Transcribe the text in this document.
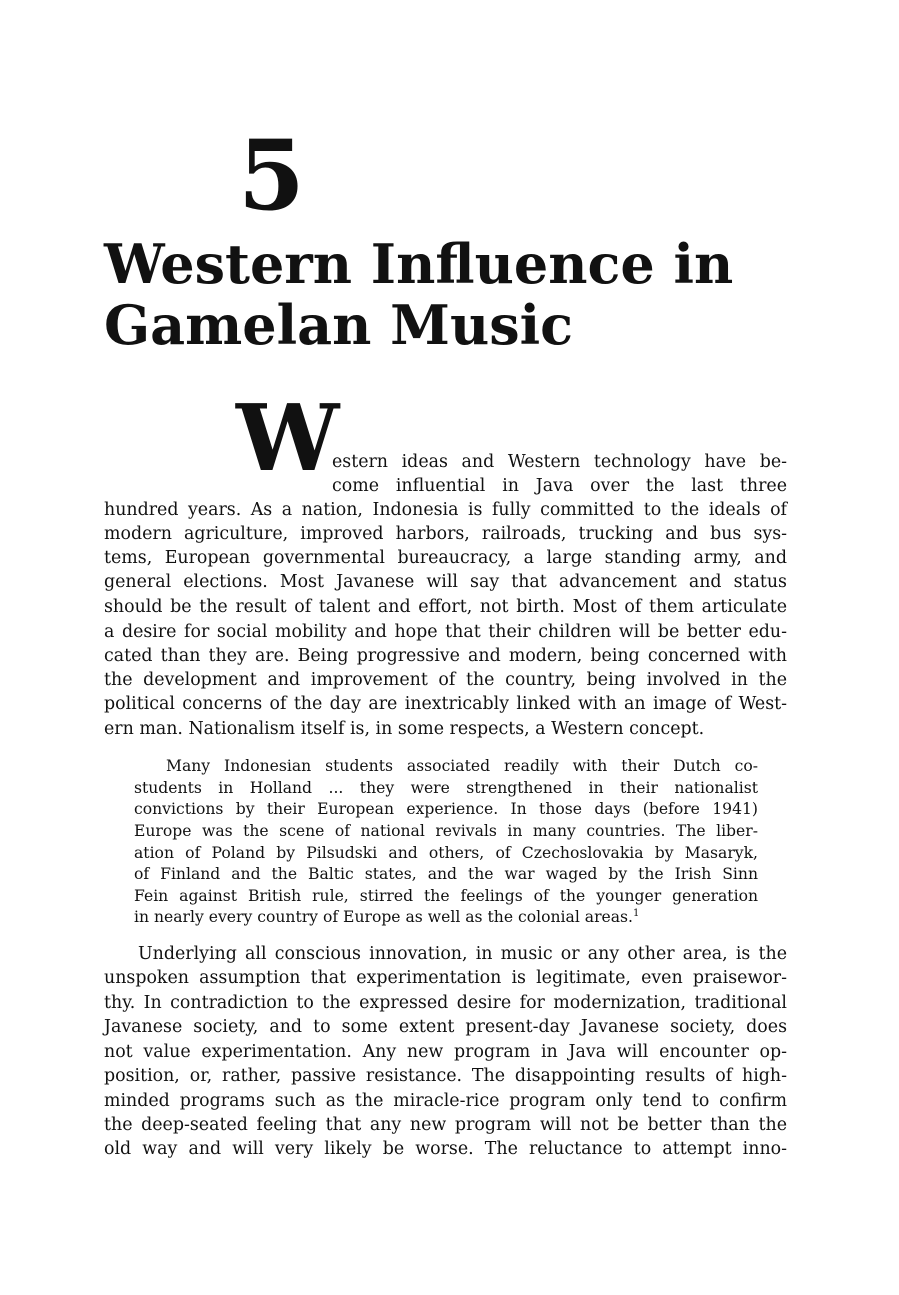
5
Western Influence in
Gamelan Music
W

estern ideas and Western technology have be-

come influential in Java over the last three

hundred years. As a nation, Indonesia is fully committed to the ideals of

modern agriculture, improved harbors, railroads, trucking and bus sys-

tems, European governmental bureaucracy, a large standing army, and

general elections. Most Javanese will say that advancement and status

should be the result of talent and effort, not birth. Most of them articulate

a desire for social mobility and hope that their children will be better edu-

cated than they are. Being progressive and modern, being concerned with

the development and improvement of the country, being involved in the

political concerns of the day are inextricably linked with an image of West-

ern man. Nationalism itself is, in some respects, a Western concept.

Many Indonesian students associated readily with their Dutch co-

students in Holland ... they were strengthened in their nationalist

convictions by their European experience. In those days (before 1941)

Europe was the scene of national revivals in many countries. The liber-

ation of Poland by Pilsudski and others, of Czechoslovakia by Masaryk,

of Finland and the Baltic states, and the war waged by the Irish Sinn

Fein against British rule, stirred the feelings of the younger generation

in nearly every country of Europe as well as the colonial areas.$^1$

Underlying all conscious innovation, in music or any other area, is the

unspoken assumption that experimentation is legitimate, even praisewor-

thy. In contradiction to the expressed desire for modernization, traditional

Javanese society, and to some extent present-day Javanese society, does

not value experimentation. Any new program in Java will encounter op-

position, or, rather, passive resistance. The disappointing results of high-

minded programs such as the miracle-rice program only tend to confirm

the deep-seated feeling that any new program will not be better than the

old way and will very likely be worse. The reluctance to attempt inno-
